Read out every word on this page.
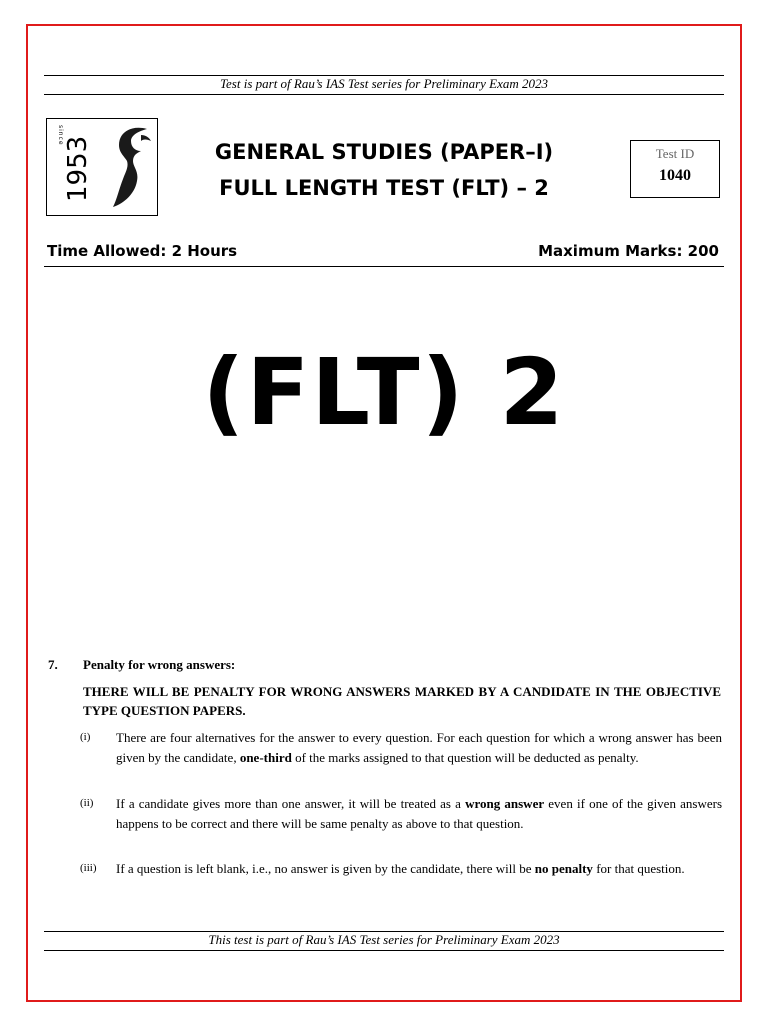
Test is part of Rau’s IAS Test series for Preliminary Exam 2023
since
1953	GENERAL STUDIES (PAPER–I)
FULL LENGTH TEST (FLT) – 2
Test ID
1040
Time Allowed: 2 Hours	Maximum Marks: 200
(FLT) 2
7. Penalty for wrong answers:
THERE WILL BE PENALTY FOR WRONG ANSWERS MARKED BY A CANDIDATE IN THE OBJECTIVE TYPE QUESTION PAPERS.
(i) There are four alternatives for the answer to every question. For each question for which a wrong answer has been given by the candidate, one-third of the marks assigned to that question will be deducted as penalty.
(ii) If a candidate gives more than one answer, it will be treated as a wrong answer even if one of the given answers happens to be correct and there will be same penalty as above to that question.
(iii) If a question is left blank, i.e., no answer is given by the candidate, there will be no penalty for that question.
This test is part of Rau’s IAS Test series for Preliminary Exam 2023
